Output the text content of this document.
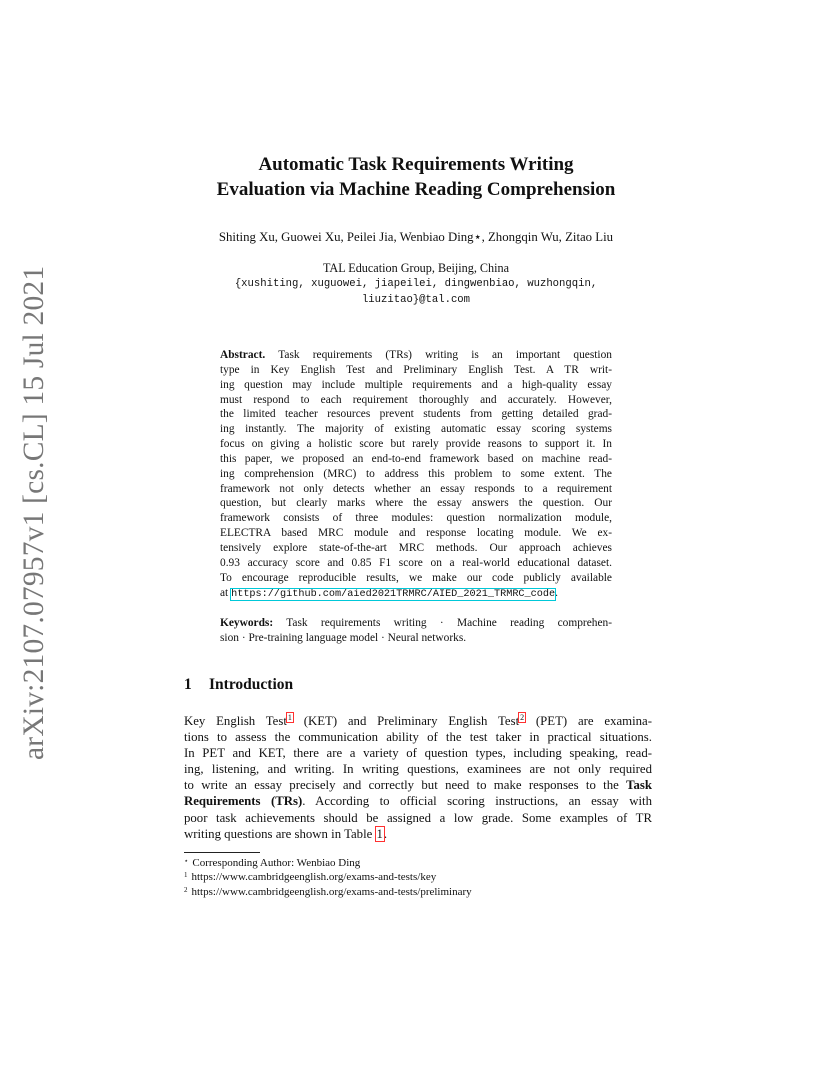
arXiv:2107.07957v1 [cs.CL] 15 Jul 2021
Automatic Task Requirements Writing
Evaluation via Machine Reading Comprehension
Shiting Xu, Guowei Xu, Peilei Jia, Wenbiao Ding⋆, Zhongqin Wu, Zitao Liu
TAL Education Group, Beijing, China
{xushiting, xuguowei, jiapeilei, dingwenbiao, wuzhongqin,
liuzitao}@tal.com
Abstract. Task requirements (TRs) writing is an important question
type in Key English Test and Preliminary English Test. A TR writ-
ing question may include multiple requirements and a high-quality essay
must respond to each requirement thoroughly and accurately. However,
the limited teacher resources prevent students from getting detailed grad-
ing instantly. The majority of existing automatic essay scoring systems
focus on giving a holistic score but rarely provide reasons to support it. In
this paper, we proposed an end-to-end framework based on machine read-
ing comprehension (MRC) to address this problem to some extent. The
framework not only detects whether an essay responds to a requirement
question, but clearly marks where the essay answers the question. Our
framework consists of three modules: question normalization module,
ELECTRA based MRC module and response locating module. We ex-
tensively explore state-of-the-art MRC methods. Our approach achieves
0.93 accuracy score and 0.85 F1 score on a real-world educational dataset.
To encourage reproducible results, we make our code publicly available
at https://github.com/aied2021TRMRC/AIED_2021_TRMRC_code.
Keywords: Task requirements writing · Machine reading comprehen-
sion · Pre-training language model · Neural networks.
1 Introduction
Key English Test$^1$ (KET) and Preliminary English Test$^2$ (PET) are examina-
tions to assess the communication ability of the test taker in practical situations.
In PET and KET, there are a variety of question types, including speaking, read-
ing, listening, and writing. In writing questions, examinees are not only required
to write an essay precisely and correctly but need to make responses to the Task
Requirements (TRs). According to official scoring instructions, an essay with
poor task achievements should be assigned a low grade. Some examples of TR
writing questions are shown in Table 1.
⋆ Corresponding Author: Wenbiao Ding
$^1$ https://www.cambridgeenglish.org/exams-and-tests/key
$^2$ https://www.cambridgeenglish.org/exams-and-tests/preliminary
